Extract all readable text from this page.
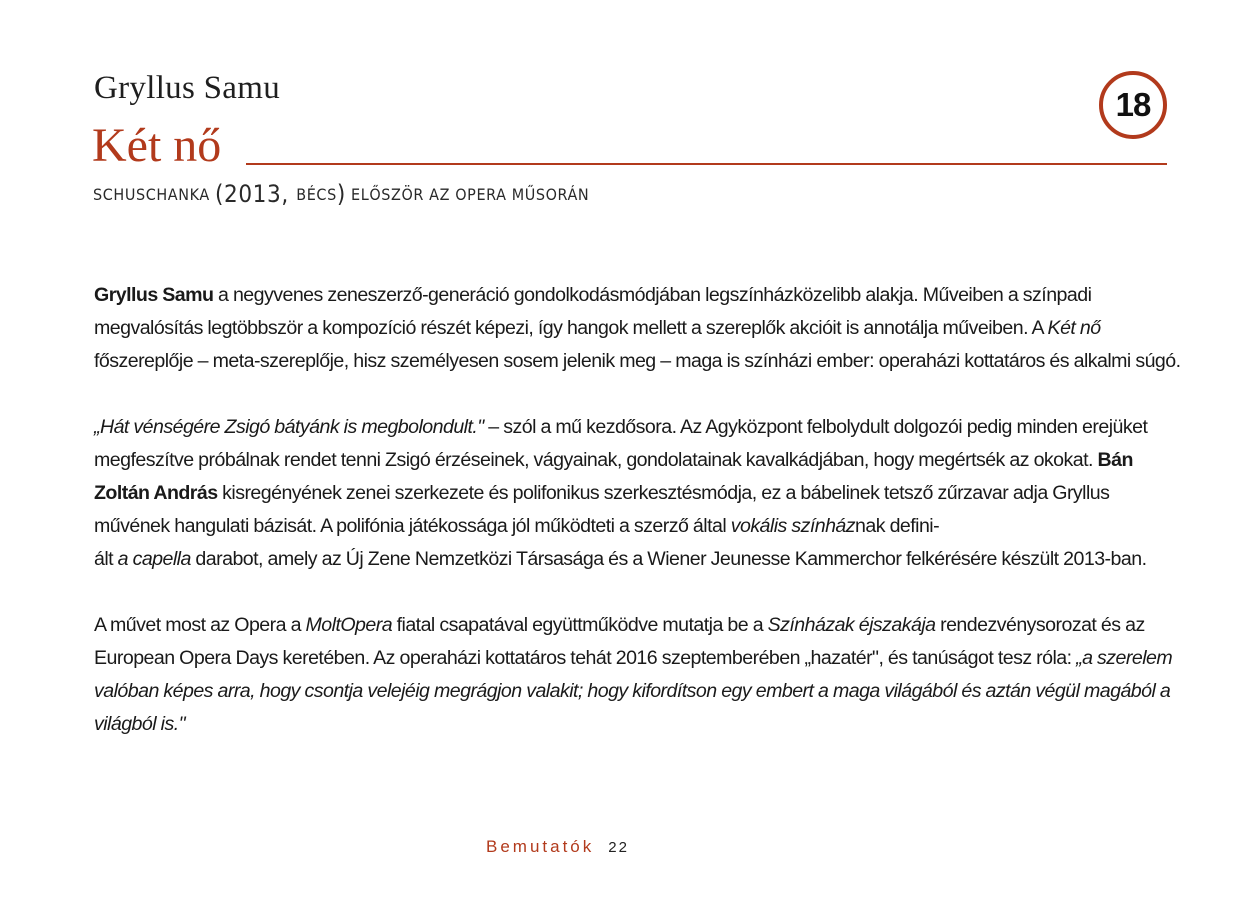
Gryllus Samu	18
Két nő
SCHUSCHANKA (2013, BÉCS) ELŐSZÖR AZ OPERA MŰSORÁN

Gryllus Samu a negyvenes zeneszerző-generáció gondolkodásmódjában legszínházközelibb alakja. Műveiben a színpadi megvalósítás legtöbbször a kompozíció részét képezi, így hangok mellett a szereplők akcióit is annotálja műveiben. A Két nő főszereplője – meta-szereplője, hisz személyesen sosem jelenik meg – maga is színházi ember: operaházi kottatáros és alkalmi súgó.

„Hát vénségére Zsigó bátyánk is megbolondult." – szól a mű kezdősora. Az Agyközpont felbolydult dolgozói pedig minden erejüket megfeszítve próbálnak rendet tenni Zsigó érzéseinek, vágyainak, gondolatainak kavalkádjában, hogy megértsék az okokat. Bán Zoltán András kisregényének zenei szerkezete és polifonikus szerkesztésmódja, ez a bábelinek tetsző zűrzavar adja Gryllus művének hangulati bázisát. A polifónia játékossága jól működteti a szerző által vokális színháznak defini-
ált a capella darabot, amely az Új Zene Nemzetközi Társasága és a Wiener Jeunesse Kammerchor felkérésére készült 2013-ban.

A művet most az Opera a MoltOpera fiatal csapatával együttműködve mutatja be a Színházak éjszakája rendezvénysorozat és az European Opera Days keretében. Az operaházi kottatáros tehát 2016 szeptemberében „hazatér", és tanúságot tesz róla: „a szerelem valóban képes arra, hogy csontja velejéig megrágjon valakit; hogy kifordítson egy embert a maga világából és aztán végül magából a világból is."

Bemutatók 22
